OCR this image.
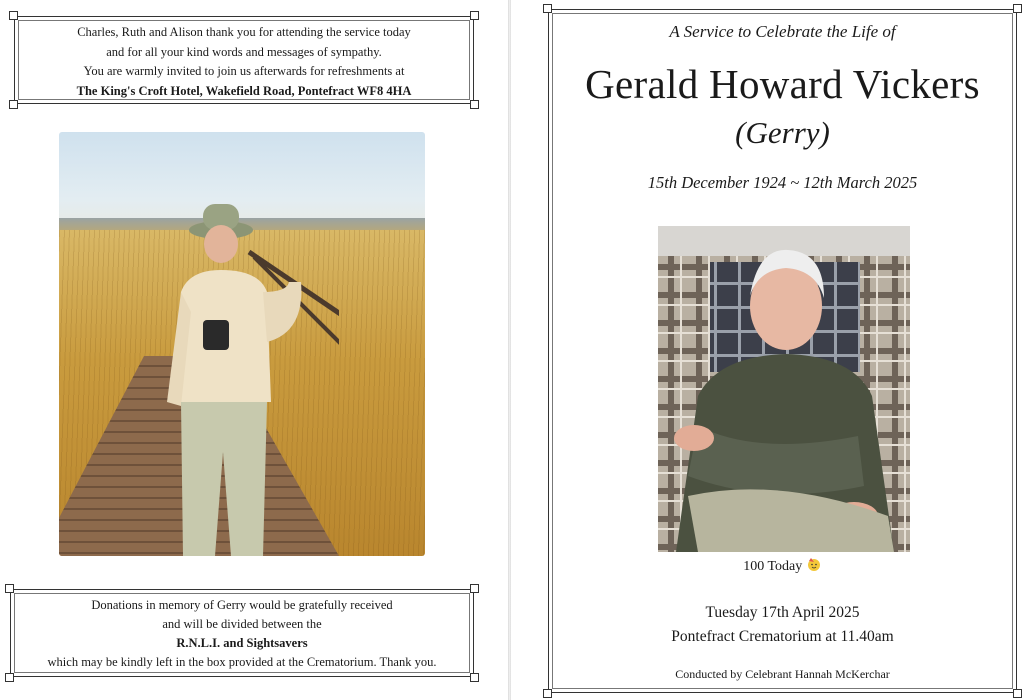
Charles, Ruth and Alison thank you for attending the service today
and for all your kind words and messages of sympathy.
You are warmly invited to join us afterwards for refreshments at
The King's Croft Hotel, Wakefield Road, Pontefract WF8 4HA
Donations in memory of Gerry would be gratefully received
and will be divided between the
R.N.L.I. and Sightsavers
which may be kindly left in the box provided at the Crematorium. Thank you.
A Service to Celebrate the Life of
Gerald Howard Vickers
(Gerry)
15th December 1924 ~ 12th March 2025
100 Today
Tuesday 17th April 2025
Pontefract Crematorium at 11.40am
Conducted by Celebrant Hannah McKerchar
